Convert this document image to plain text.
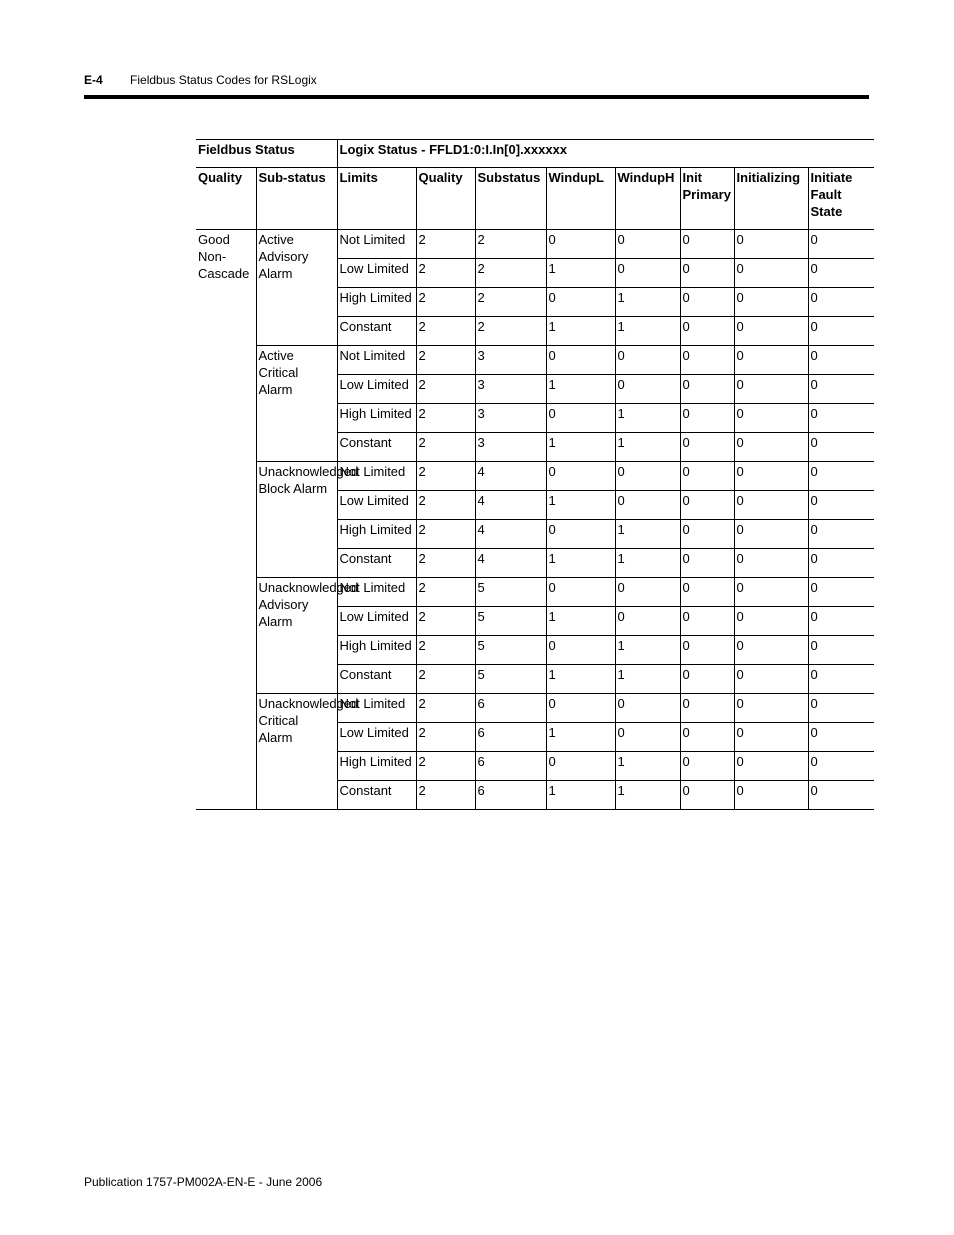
E-4 Fieldbus Status Codes for RSLogix
Fieldbus Status		Logix Status - FFLD1:0:I.In[0].xxxxxx							
Quality	Sub-status	Limits	Quality	Substatus	WindupL	WindupH	Init Primary	Initializing	Initiate Fault State
Good Non-Cascade	Active Advisory Alarm	Not Limited	2	2	0	0	0	0	0
		Low Limited	2	2	1	0	0	0	0
		High Limited	2	2	0	1	0	0	0
		Constant	2	2	1	1	0	0	0
	Active Critical Alarm	Not Limited	2	3	0	0	0	0	0
		Low Limited	2	3	1	0	0	0	0
		High Limited	2	3	0	1	0	0	0
		Constant	2	3	1	1	0	0	0
	Unacknowledged Block Alarm	Not Limited	2	4	0	0	0	0	0
		Low Limited	2	4	1	0	0	0	0
		High Limited	2	4	0	1	0	0	0
		Constant	2	4	1	1	0	0	0
	Unacknowledged Advisory Alarm	Not Limited	2	5	0	0	0	0	0
		Low Limited	2	5	1	0	0	0	0
		High Limited	2	5	0	1	0	0	0
		Constant	2	5	1	1	0	0	0
	Unacknowledged Critical Alarm	Not Limited	2	6	0	0	0	0	0
		Low Limited	2	6	1	0	0	0	0
		High Limited	2	6	0	1	0	0	0
		Constant	2	6	1	1	0	0	0
Publication 1757-PM002A-EN-E - June 2006
